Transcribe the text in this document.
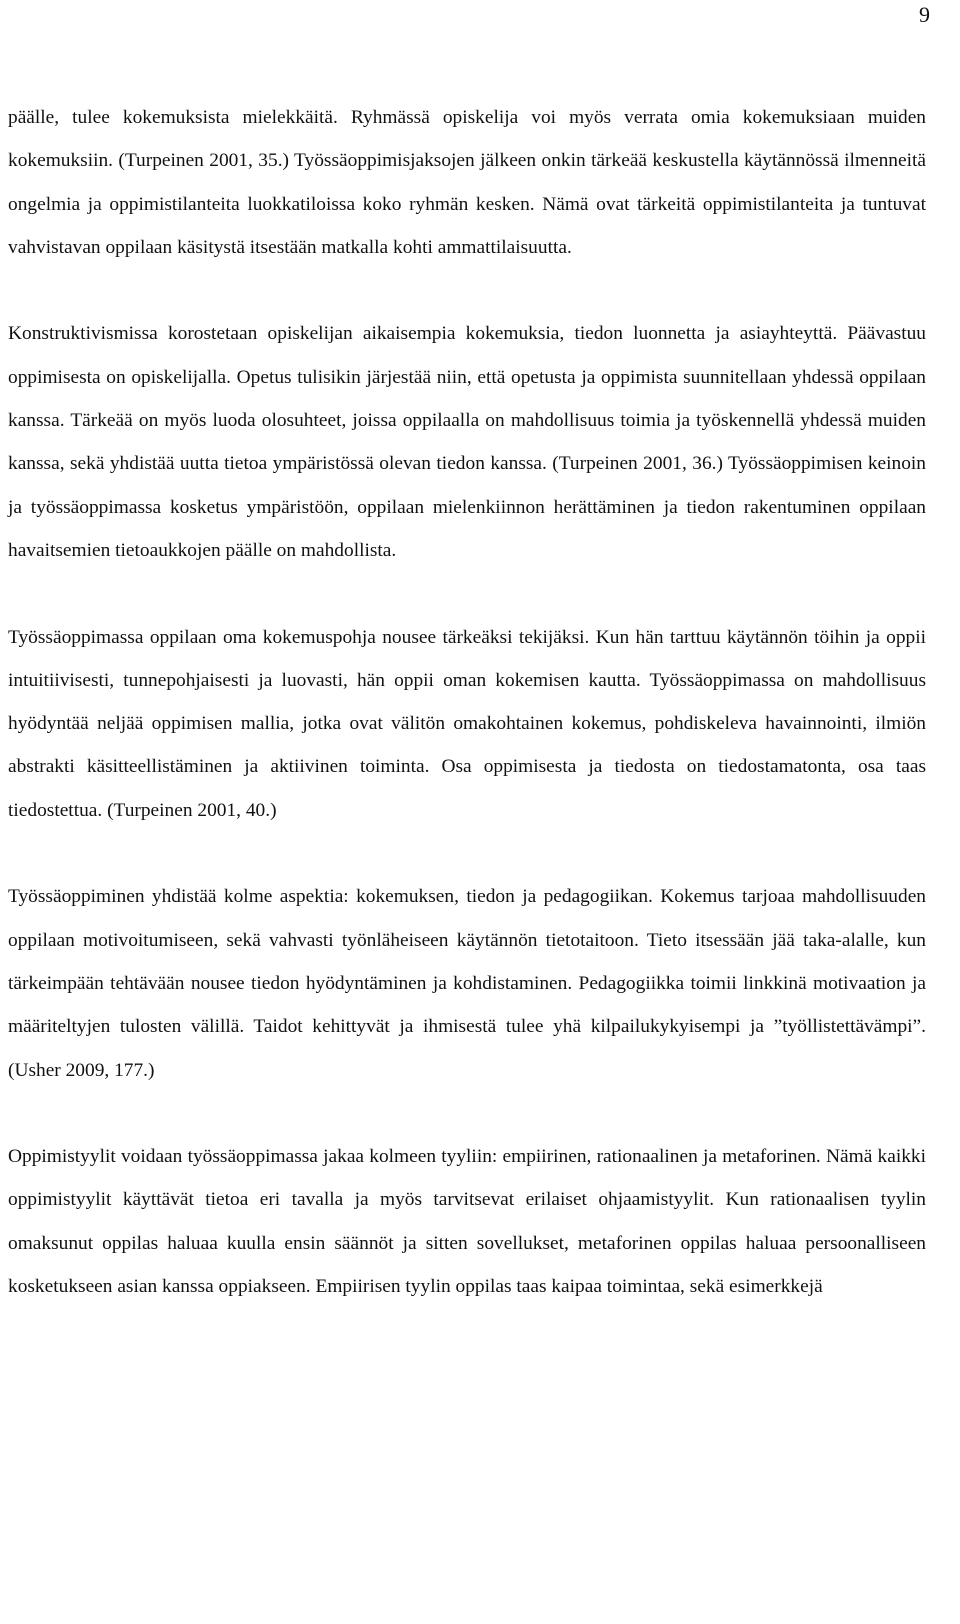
9

päälle, tulee kokemuksista mielekkäitä. Ryhmässä opiskelija voi myös verrata omia kokemuksiaan muiden kokemuksiin. (Turpeinen 2001, 35.) Työssäoppimisjaksojen jälkeen onkin tärkeää keskustella käytännössä ilmenneitä ongelmia ja oppimistilanteita luokkatiloissa koko ryhmän kesken. Nämä ovat tärkeitä oppimistilanteita ja tuntuvat vahvistavan oppilaan käsitystä itsestään matkalla kohti ammattilaisuutta.

Konstruktivismissa korostetaan opiskelijan aikaisempia kokemuksia, tiedon luonnetta ja asiayhteyttä. Päävastuu oppimisesta on opiskelijalla. Opetus tulisikin järjestää niin, että opetusta ja oppimista suunnitellaan yhdessä oppilaan kanssa. Tärkeää on myös luoda olosuhteet, joissa oppilaalla on mahdollisuus toimia ja työskennellä yhdessä muiden kanssa, sekä yhdistää uutta tietoa ympäristössä olevan tiedon kanssa. (Turpeinen 2001, 36.) Työssäoppimisen keinoin ja työssäoppimassa kosketus ympäristöön, oppilaan mielenkiinnon herättäminen ja tiedon rakentuminen oppilaan havaitsemien tietoaukkojen päälle on mahdollista.

Työssäoppimassa oppilaan oma kokemuspohja nousee tärkeäksi tekijäksi. Kun hän tarttuu käytännön töihin ja oppii intuitiivisesti, tunnepohjaisesti ja luovasti, hän oppii oman kokemisen kautta. Työssäoppimassa on mahdollisuus hyödyntää neljää oppimisen mallia, jotka ovat välitön omakohtainen kokemus, pohdiskeleva havainnointi, ilmiön abstrakti käsitteellistäminen ja aktiivinen toiminta. Osa oppimisesta ja tiedosta on tiedostamatonta, osa taas tiedostettua. (Turpeinen 2001, 40.)

Työssäoppiminen yhdistää kolme aspektia: kokemuksen, tiedon ja pedagogiikan. Kokemus tarjoaa mahdollisuuden oppilaan motivoitumiseen, sekä vahvasti työnläheiseen käytännön tietotaitoon. Tieto itsessään jää taka-alalle, kun tärkeimpään tehtävään nousee tiedon hyödyntäminen ja kohdistaminen. Pedagogiikka toimii linkkinä motivaation ja määriteltyjen tulosten välillä. Taidot kehittyvät ja ihmisestä tulee yhä kilpailukykyisempi ja ”työllistettävämpi”. (Usher 2009, 177.)

Oppimistyylit voidaan työssäoppimassa jakaa kolmeen tyyliin: empiirinen, rationaalinen ja metaforinen. Nämä kaikki oppimistyylit käyttävät tietoa eri tavalla ja myös tarvitsevat erilaiset ohjaamistyylit. Kun rationaalisen tyylin omaksunut oppilas haluaa kuulla ensin säännöt ja sitten sovellukset, metaforinen oppilas haluaa persoonalliseen kosketukseen asian kanssa oppiakseen. Empiirisen tyylin oppilas taas kaipaa toimintaa, sekä esimerkkejä
